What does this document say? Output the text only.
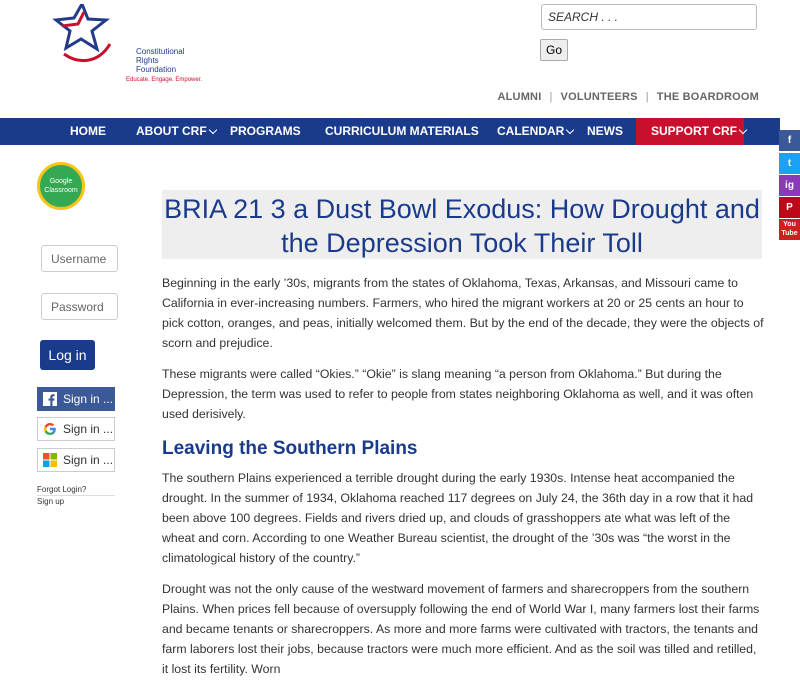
Constitutional
Rights
Foundation
Educate. Engage. Empower.
SEARCH . . .
Go
ALUMNI | VOLUNTEERS | THE BOARDROOM
HOME	ABOUT CRF	PROGRAMS CURRICULUM MATERIALS CALENDAR	NEWS	SUPPORT CRF
f
t
ig
P
You Tube
Google
Classroom
Username
Log in
Sign in ...
Sign in ...
Sign in ...
Forgot Login?
Sign up
BRIA 21 3 a Dust Bowl Exodus: How Drought and the Depression Took Their Toll

Beginning in the early ’30s, migrants from the states of Oklahoma, Texas, Arkansas, and Missouri came to California in ever-increasing numbers. Farmers, who hired the migrant workers at 20 or 25 cents an hour to pick cotton, oranges, and peas, initially welcomed them. But by the end of the decade, they were the objects of scorn and prejudice.

These migrants were called “Okies.” “Okie” is slang meaning “a person from Oklahoma.” But during the Depression, the term was used to refer to people from states neighboring Oklahoma as well, and it was often used derisively.

Leaving the Southern Plains

The southern Plains experienced a terrible drought during the early 1930s. Intense heat accompanied the drought. In the summer of 1934, Oklahoma reached 117 degrees on July 24, the 36th day in a row that it had been above 100 degrees. Fields and rivers dried up, and clouds of grasshoppers ate what was left of the wheat and corn. According to one Weather Bureau scientist, the drought of the ’30s was “the worst in the climatological history of the country.”

Drought was not the only cause of the westward movement of farmers and sharecroppers from the southern Plains. When prices fell because of oversupply following the end of World War I, many farmers lost their farms and became tenants or sharecroppers. As more and more farms were cultivated with tractors, the tenants and farm laborers lost their jobs, because tractors were much more efficient. And as the soil was tilled and retilled, it lost its fertility. Worn
